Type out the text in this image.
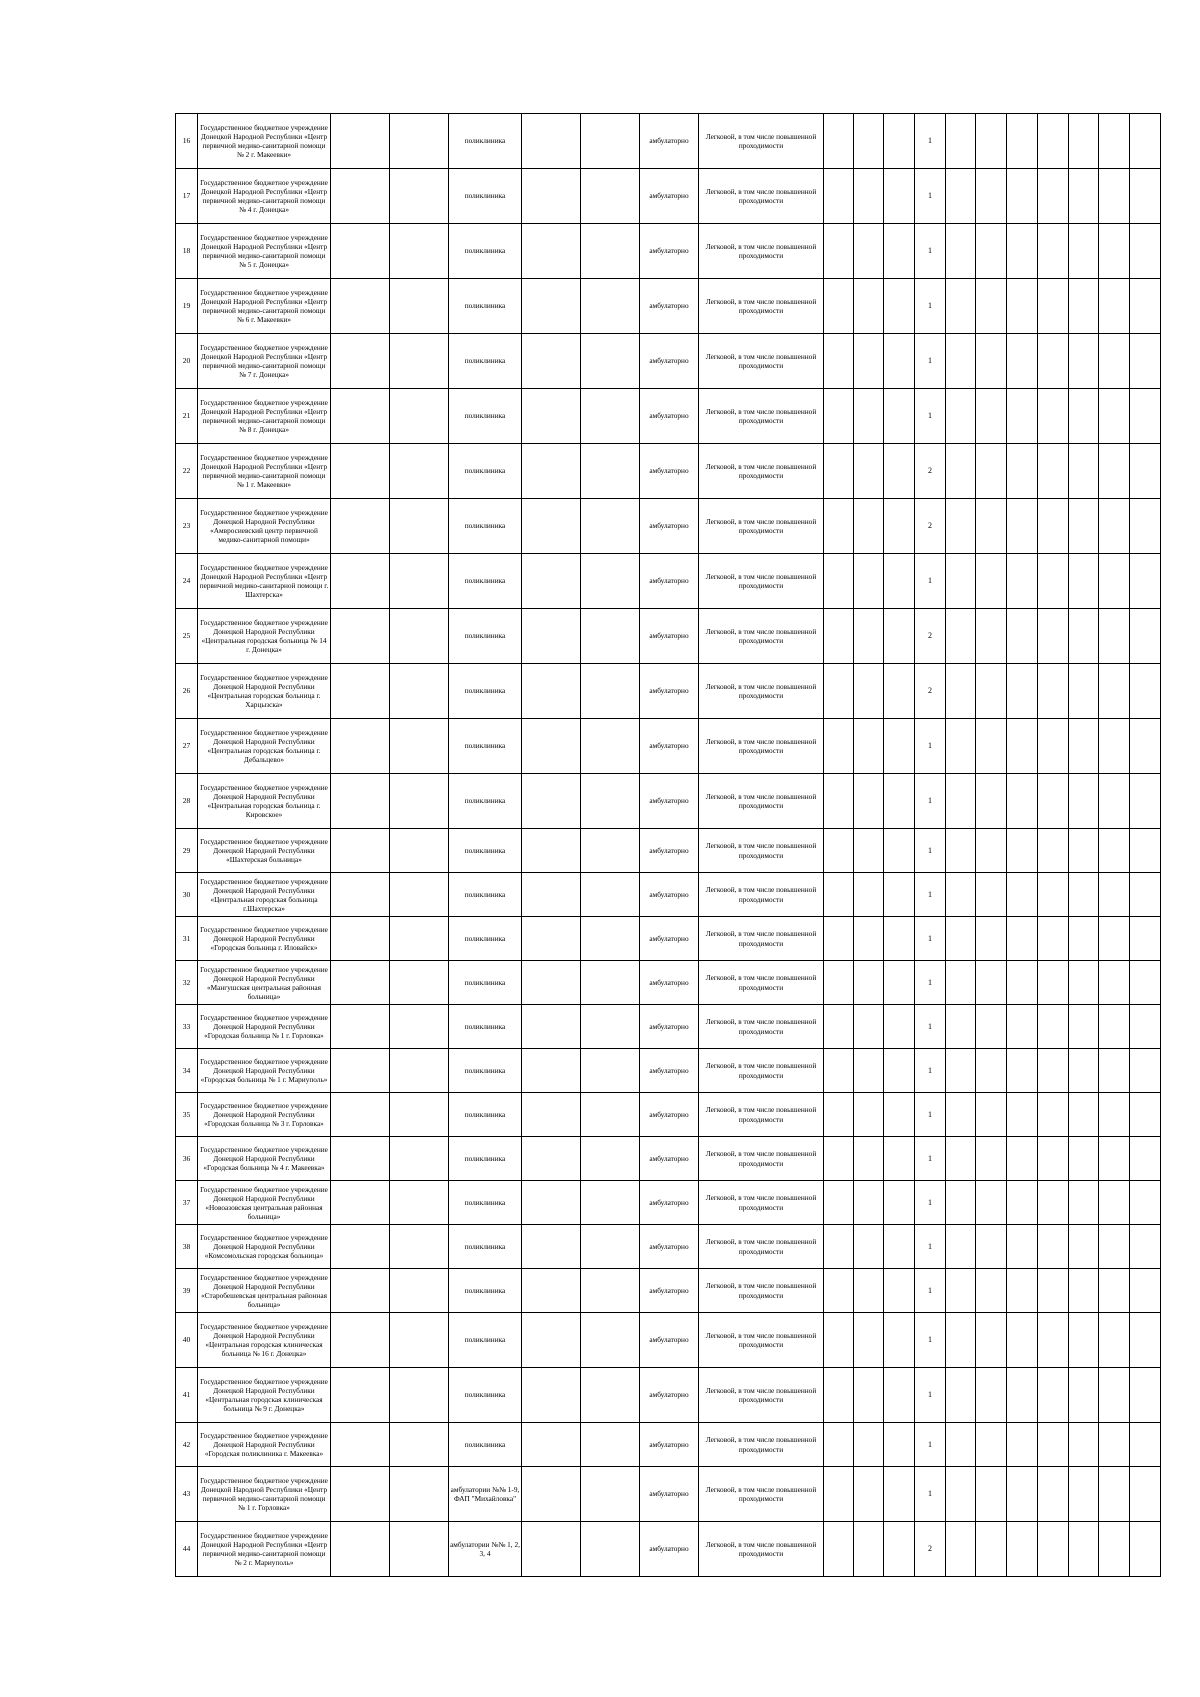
16	Государственное бюджетное учреждение Донецкой Народной Республики «Центр первичной медико-санитарной помощи № 2 г. Макеевки»			поликлиника			амбулаторно	Легковой, в том числе повышенной проходимости				1							
17	Государственное бюджетное учреждение Донецкой Народной Республики «Центр первичной медико-санитарной помощи № 4 г. Донецка»			поликлиника			амбулаторно	Легковой, в том числе повышенной проходимости				1							
18	Государственное бюджетное учреждение Донецкой Народной Республики «Центр первичной медико-санитарной помощи № 5 г. Донецка»			поликлиника			амбулаторно	Легковой, в том числе повышенной проходимости				1							
19	Государственное бюджетное учреждение Донецкой Народной Республики «Центр первичной медико-санитарной помощи № 6 г. Макеевки»			поликлиника			амбулаторно	Легковой, в том числе повышенной проходимости				1							
20	Государственное бюджетное учреждение Донецкой Народной Республики «Центр первичной медико-санитарной помощи № 7 г. Донецка»			поликлиника			амбулаторно	Легковой, в том числе повышенной проходимости				1							
21	Государственное бюджетное учреждение Донецкой Народной Республики «Центр первичной медико-санитарной помощи № 8 г. Донецка»			поликлиника			амбулаторно	Легковой, в том числе повышенной проходимости				1							
22	Государственное бюджетное учреждение Донецкой Народной Республики «Центр первичной медико-санитарной помощи № 1 г. Макеевки»			поликлиника			амбулаторно	Легковой, в том числе повышенной проходимости				2							
23	Государственное бюджетное учреждение Донецкой Народной Республики «Амвросиевский центр первичной медико-санитарной помощи»			поликлиника			амбулаторно	Легковой, в том числе повышенной проходимости				2							
24	Государственное бюджетное учреждение Донецкой Народной Республики «Центр первичной медико-санитарной помощи г. Шахтерска»			поликлиника			амбулаторно	Легковой, в том числе повышенной проходимости				1							
25	Государственное бюджетное учреждение Донецкой Народной Республики «Центральная городская больница № 14 г. Донецка»			поликлиника			амбулаторно	Легковой, в том числе повышенной проходимости				2							
26	Государственное бюджетное учреждение Донецкой Народной Республики «Центральная городская больница г. Харцызска»			поликлиника			амбулаторно	Легковой, в том числе повышенной проходимости				2							
27	Государственное бюджетное учреждение Донецкой Народной Республики «Центральная городская больница г. Дебальцево»			поликлиника			амбулаторно	Легковой, в том числе повышенной проходимости				1							
28	Государственное бюджетное учреждение Донецкой Народной Республики «Центральная городская больница г. Кировское»			поликлиника			амбулаторно	Легковой, в том числе повышенной проходимости				1							
29	Государственное бюджетное учреждение Донецкой Народной Республики «Шахтерская больница»			поликлиника			амбулаторно	Легковой, в том числе повышенной проходимости				1							
30	Государственное бюджетное учреждение Донецкой Народной Республики «Центральная городская больница г.Шахтерска»			поликлиника			амбулаторно	Легковой, в том числе повышенной проходимости				1							
31	Государственное бюджетное учреждение Донецкой Народной Республики «Городская больница г. Иловайск»			поликлиника			амбулаторно	Легковой, в том числе повышенной проходимости				1							
32	Государственное бюджетное учреждение Донецкой Народной Республики «Мангушская центральная районная больница»			поликлиника			амбулаторно	Легковой, в том числе повышенной проходимости				1							
33	Государственное бюджетное учреждение Донецкой Народной Республики «Городская больница № 1 г. Горловка»			поликлиника			амбулаторно	Легковой, в том числе повышенной проходимости				1							
34	Государственное бюджетное учреждение Донецкой Народной Республики «Городская больница № 1 г. Мариуполь»			поликлиника			амбулаторно	Легковой, в том числе повышенной проходимости				1							
35	Государственное бюджетное учреждение Донецкой Народной Республики «Городская больница № 3 г. Горловка»			поликлиника			амбулаторно	Легковой, в том числе повышенной проходимости				1							
36	Государственное бюджетное учреждение Донецкой Народной Республики «Городская больница № 4 г. Макеевка»			поликлиника			амбулаторно	Легковой, в том числе повышенной проходимости				1							
37	Государственное бюджетное учреждение Донецкой Народной Республики «Новоазовская центральная районная больница»			поликлиника			амбулаторно	Легковой, в том числе повышенной проходимости				1							
38	Государственное бюджетное учреждение Донецкой Народной Республики «Комсомольская городская больница»			поликлиника			амбулаторно	Легковой, в том числе повышенной проходимости				1							
39	Государственное бюджетное учреждение Донецкой Народной Республики «Старобешевская центральная районная больница»			поликлиника			амбулаторно	Легковой, в том числе повышенной проходимости				1							
40	Государственное бюджетное учреждение Донецкой Народной Республики «Центральная городская клиническая больница № 16 г. Донецка»			поликлиника			амбулаторно	Легковой, в том числе повышенной проходимости				1							
41	Государственное бюджетное учреждение Донецкой Народной Республики «Центральная городская клиническая больница № 9 г. Донецка»			поликлиника			амбулаторно	Легковой, в том числе повышенной проходимости				1							
42	Государственное бюджетное учреждение Донецкой Народной Республики «Городская поликлиника г. Макеевка»			поликлиника			амбулаторно	Легковой, в том числе повышенной проходимости				1							
43	Государственное бюджетное учреждение Донецкой Народной Республики «Центр первичной медико-санитарной помощи № 1 г. Горловка»			амбулатории №№ 1-9, ФАП "Михайловка"			амбулаторно	Легковой, в том числе повышенной проходимости				1							
44	Государственное бюджетное учреждение Донецкой Народной Республики «Центр первичной медико-санитарной помощи № 2 г. Мариуполь»			амбулатории №№ 1, 2, 3, 4			амбулаторно	Легковой, в том числе повышенной проходимости				2							
